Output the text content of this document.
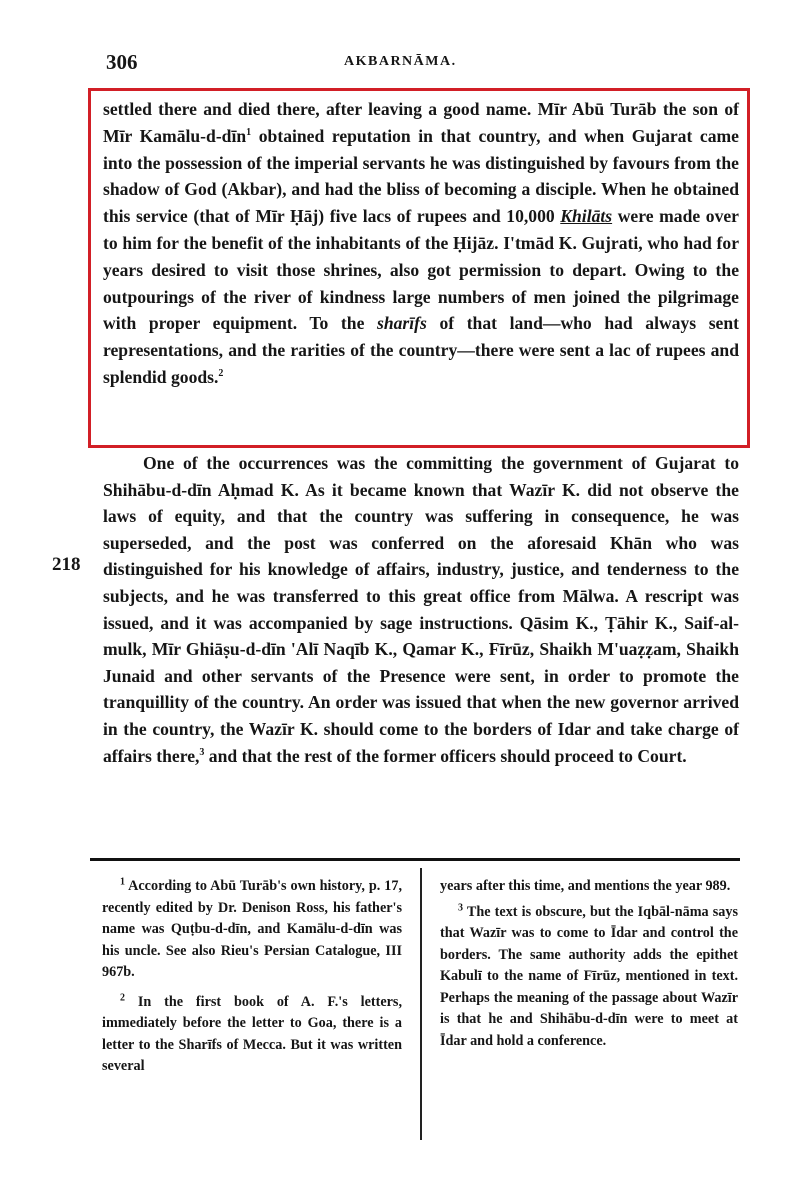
306	AKBARNĀMA.

settled there and died there, after leaving a good name. Mīr Abū Turāb the son of Mīr Kamālu-d-dīn$^1$ obtained reputation in that country, and when Gujarat came into the possession of the imperial servants he was distinguished by favours from the shadow of God (Akbar), and had the bliss of becoming a disciple. When he obtained this service (that of Mīr Ḥāj) five lacs of rupees and 10,000 Khilāts were made over to him for the benefit of the inhabitants of the Ḥijāz. I'tmād K. Gujrati, who had for years desired to visit those shrines, also got permission to depart. Owing to the outpourings of the river of kindness large numbers of men joined the pilgrimage with proper equipment. To the sharīfs of that land—who had always sent representations, and the rarities of the country—there were sent a lac of rupees and splendid goods.$^2$

218

One of the occurrences was the committing the government of Gujarat to Shihābu-d-dīn Aḥmad K. As it became known that Wazīr K. did not observe the laws of equity, and that the country was suffering in consequence, he was superseded, and the post was conferred on the aforesaid Khān who was distinguished for his knowledge of affairs, industry, justice, and tenderness to the subjects, and he was transferred to this great office from Mālwa. A rescript was issued, and it was accompanied by sage instructions. Qāsim K., Ṭāhir K., Saif-al-mulk, Mīr Ghiāṣu-d-dīn 'Alī Naqīb K., Qamar K., Fīrūz, Shaikh M'uaẓẓam, Shaikh Junaid and other servants of the Presence were sent, in order to promote the tranquillity of the country. An order was issued that when the new governor arrived in the country, the Wazīr K. should come to the borders of Idar and take charge of affairs there,$^3$ and that the rest of the former officers should proceed to Court.

$^1$ According to Abū Turāb's own history, p. 17, recently edited by Dr. Denison Ross, his father's name was Quṭbu-d-dīn, and Kamālu-d-dīn was his uncle. See also Rieu's Persian Catalogue, III 967b.

$^2$ In the first book of A. F.'s letters, immediately before the letter to Goa, there is a letter to the Sharīfs of Mecca. But it was written several

years after this time, and mentions the year 989.

$^3$ The text is obscure, but the Iqbāl-nāma says that Wazīr was to come to Īdar and control the borders. The same authority adds the epithet Kabulī to the name of Fīrūz, mentioned in text. Perhaps the meaning of the passage about Wazīr is that he and Shihābu-d-dīn were to meet at Īdar and hold a conference.
